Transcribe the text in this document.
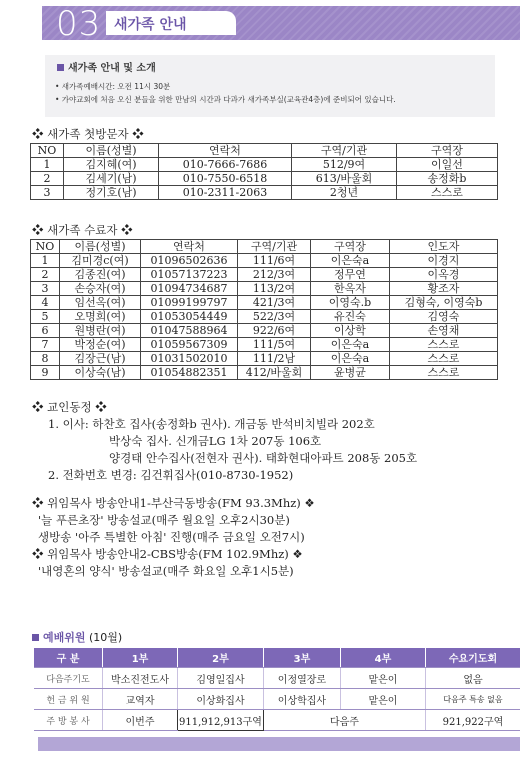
03 새가족 안내
새가족 안내 및 소개
• 새가족예배시간: 오전 11시 30분
• 가야교회에 처음 오신 분들을 위한 만남의 시간과 다과가 새가족부실(교육관4층)에 준비되어 있습니다.
❖ 새가족 첫방문자 ❖
NO	이름(성별)	연락처	구역/기관	구역장
1	김지혜(여)	010-7666-7686	512/9여	이일선
2	김세기(남)	010-7550-6518	613/바울회	송정화b
3	정기호(남)	010-2311-2063	2청년	스스로
❖ 새가족 수료자 ❖
NO	이름(성별)	연락처	구역/기관	구역장	인도자
1	김미경c(여)	01096502636	111/6여	이은숙a	이경지
2	김종진(여)	01057137223	212/3여	정무연	이옥경
3	손승자(여)	01094734687	113/2여	한옥자	황조자
4	임선옥(여)	01099199797	421/3여	이영숙.b	김형숙, 이영숙b
5	오명희(여)	01053054449	522/3여	유진숙	김영숙
6	원병란(여)	01047588964	922/6여	이상학	손영채
7	박정순(여)	01059567309	111/5여	이은숙a	스스로
8	김장근(남)	01031502010	111/2남	이은숙a	스스로
9	이상숙(남)	01054882351	412/바울회	윤병균	스스로
❖ 교인동정 ❖
1. 이사: 하찬호 집사(송정화b 권사). 개금동 반석비치빌라 202호
박상숙 집사. 신개금LG 1차 207동 106호
양경태 안수집사(전현자 권사). 태화현대아파트 208동 205호
2. 전화번호 변경: 김건휘집사(010-8730-1952)
❖ 위임목사 방송안내1-부산극동방송(FM 93.3Mhz) ❖
'늘 푸른초장' 방송설교(매주 월요일 오후2시30분)
생방송 '아주 특별한 아침' 진행(매주 금요일 오전7시)
❖ 위임목사 방송안내2-CBS방송(FM 102.9Mhz) ❖
'내영혼의 양식' 방송설교(매주 화요일 오후1시5분)
예배위원 (10월)
구 분	1부	2부	3부	4부	수요기도회
다음주기도	박소진전도사	김영일집사	이정열장로	맡은이	없음
헌 금 위 원	교역자	이상화집사	이상학집사	맡은이	다음주 특송 없음
주 방 봉 사	이번주	911,912,913구역	다음주		921,922구역
